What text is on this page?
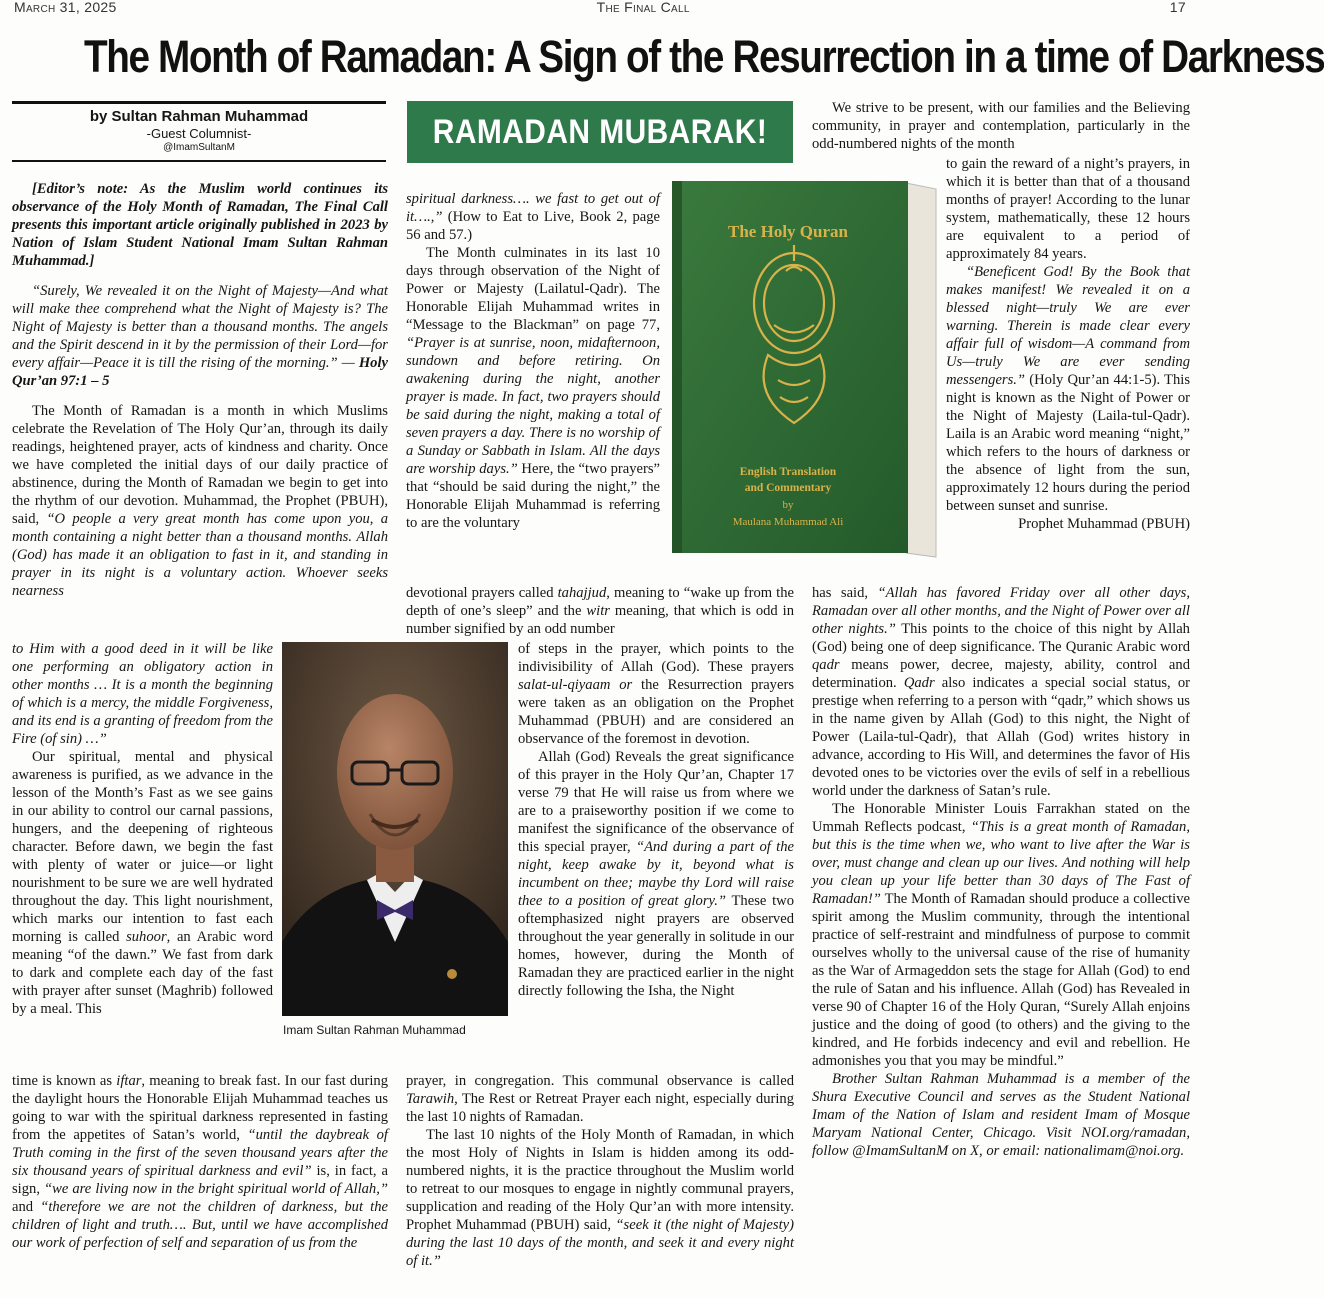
March 31, 2025	The Final Call	17
The Month of Ramadan: A Sign of the Resurrection in a time of Darkness
by Sultan Rahman Muhammad
-Guest Columnist-
@ImamSultanM	RAMADAN MUBARAK!
The Holy Quran
English Translation
and Commentary
by
Maulana Muhammad Ali
Imam Sultan Rahman Muhammad

[Editor’s note: As the Muslim world continues its observance of the Holy Month of Ramadan, The Final Call presents this important article originally published in 2023 by Nation of Islam Student National Imam Sultan Rahman Muhammad.]

“Surely, We revealed it on the Night of Majesty—And what will make thee comprehend what the Night of Majesty is? The Night of Majesty is better than a thousand months. The angels and the Spirit descend in it by the permission of their Lord—for every affair—Peace it is till the rising of the morning.” — Holy Qur’an 97:1 – 5

The Month of Ramadan is a month in which Muslims celebrate the Revelation of The Holy Qur’an, through its daily readings, heightened prayer, acts of kindness and charity. Once we have completed the initial days of our daily practice of abstinence, during the Month of Ramadan we begin to get into the rhythm of our devotion. Muhammad, the Prophet (PBUH), said, “O people a very great month has come upon you, a month containing a night better than a thousand months. Allah (God) has made it an obligation to fast in it, and standing in prayer in its night is a voluntary action. Whoever seeks nearness

to Him with a good deed in it will be like one performing an obligatory action in other months … It is a month the beginning of which is a mercy, the middle Forgiveness, and its end is a granting of freedom from the Fire (of sin) …”

Our spiritual, mental and physical awareness is purified, as we advance in the lesson of the Month’s Fast as we see gains in our ability to control our carnal passions, hungers, and the deepening of righteous character. Before dawn, we begin the fast with plenty of water or juice—or light nourishment to be sure we are well hydrated throughout the day. This light nourishment, which marks our intention to fast each morning is called suhoor, an Arabic word meaning “of the dawn.” We fast from dark to dark and complete each day of the fast with prayer after sunset (Maghrib) followed by a meal. This

time is known as iftar, meaning to break fast. In our fast during the daylight hours the Honorable Elijah Muhammad teaches us going to war with the spiritual darkness represented in fasting from the appetites of Satan’s world, “until the daybreak of Truth coming in the first of the seven thousand years after the six thousand years of spiritual darkness and evil” is, in fact, a sign, “we are living now in the bright spiritual world of Allah,” and “therefore we are not the children of darkness, but the children of light and truth…. But, until we have accomplished our work of perfection of self and separation of us from the

spiritual darkness…. we fast to get out of it….,” (How to Eat to Live, Book 2, page 56 and 57.)

The Month culminates in its last 10 days through observation of the Night of Power or Majesty (Lailatul-Qadr). The Honorable Elijah Muhammad writes in “Message to the Blackman” on page 77, “Prayer is at sunrise, noon, midafternoon, sundown and before retiring. On awakening during the night, another prayer is made. In fact, two prayers should be said during the night, making a total of seven prayers a day. There is no worship of a Sunday or Sabbath in Islam. All the days are worship days.” Here, the “two prayers” that “should be said during the night,” the Honorable Elijah Muhammad is referring to are the voluntary

devotional prayers called tahajjud, meaning to “wake up from the depth of one’s sleep” and the witr meaning, that which is odd in number signified by an odd number

of steps in the prayer, which points to the indivisibility of Allah (God). These prayers salat-ul-qiyaam or the Resurrection prayers were taken as an obligation on the Prophet Muhammad (PBUH) and are considered an observance of the foremost in devotion.

Allah (God) Reveals the great significance of this prayer in the Holy Qur’an, Chapter 17 verse 79 that He will raise us from where we are to a praiseworthy position if we come to manifest the significance of the observance of this special prayer, “And during a part of the night, keep awake by it, beyond what is incumbent on thee; maybe thy Lord will raise thee to a position of great glory.” These two oftemphasized night prayers are observed throughout the year generally in solitude in our homes, however, during the Month of Ramadan they are practiced earlier in the night directly following the Isha, the Night

prayer, in congregation. This communal observance is called Tarawih, The Rest or Retreat Prayer each night, especially during the last 10 nights of Ramadan.

The last 10 nights of the Holy Month of Ramadan, in which the most Holy of Nights in Islam is hidden among its odd-numbered nights, it is the practice throughout the Muslim world to retreat to our mosques to engage in nightly communal prayers, supplication and reading of the Holy Qur’an with more intensity. Prophet Muhammad (PBUH) said, “seek it (the night of Majesty) during the last 10 days of the month, and seek it and every night of it.”

We strive to be present, with our families and the Believing community, in prayer and contemplation, particularly in the odd-numbered nights of the month

to gain the reward of a night’s prayers, in which it is better than that of a thousand months of prayer! According to the lunar system, mathematically, these 12 hours are equivalent to a period of approximately 84 years.

“Beneficent God! By the Book that makes manifest! We revealed it on a blessed night—truly We are ever warning. Therein is made clear every affair full of wisdom—A command from Us—truly We are ever sending messengers.” (Holy Qur’an 44:1-5). This night is known as the Night of Power or the Night of Majesty (Laila-tul-Qadr). Laila is an Arabic word meaning “night,” which refers to the hours of darkness or the absence of light from the sun, approximately 12 hours during the period between sunset and sunrise.

Prophet Muhammad (PBUH)

has said, “Allah has favored Friday over all other days, Ramadan over all other months, and the Night of Power over all other nights.” This points to the choice of this night by Allah (God) being one of deep significance. The Quranic Arabic word qadr means power, decree, majesty, ability, control and determination. Qadr also indicates a special social status, or prestige when referring to a person with “qadr,” which shows us in the name given by Allah (God) to this night, the Night of Power (Laila-tul-Qadr), that Allah (God) writes history in advance, according to His Will, and determines the favor of His devoted ones to be victories over the evils of self in a rebellious world under the darkness of Satan’s rule.

The Honorable Minister Louis Farrakhan stated on the Ummah Reflects podcast, “This is a great month of Ramadan, but this is the time when we, who want to live after the War is over, must change and clean up our lives. And nothing will help you clean up your life better than 30 days of The Fast of Ramadan!” The Month of Ramadan should produce a collective spirit among the Muslim community, through the intentional practice of self-restraint and mindfulness of purpose to commit ourselves wholly to the universal cause of the rise of humanity as the War of Armageddon sets the stage for Allah (God) to end the rule of Satan and his influence. Allah (God) has Revealed in verse 90 of Chapter 16 of the Holy Quran, “Surely Allah enjoins justice and the doing of good (to others) and the giving to the kindred, and He forbids indecency and evil and rebellion. He admonishes you that you may be mindful.”

Brother Sultan Rahman Muhammad is a member of the Shura Executive Council and serves as the Student National Imam of the Nation of Islam and resident Imam of Mosque Maryam National Center, Chicago. Visit NOI.org/ramadan, follow @ImamSultanM on X, or email: nationalimam@noi.org.
